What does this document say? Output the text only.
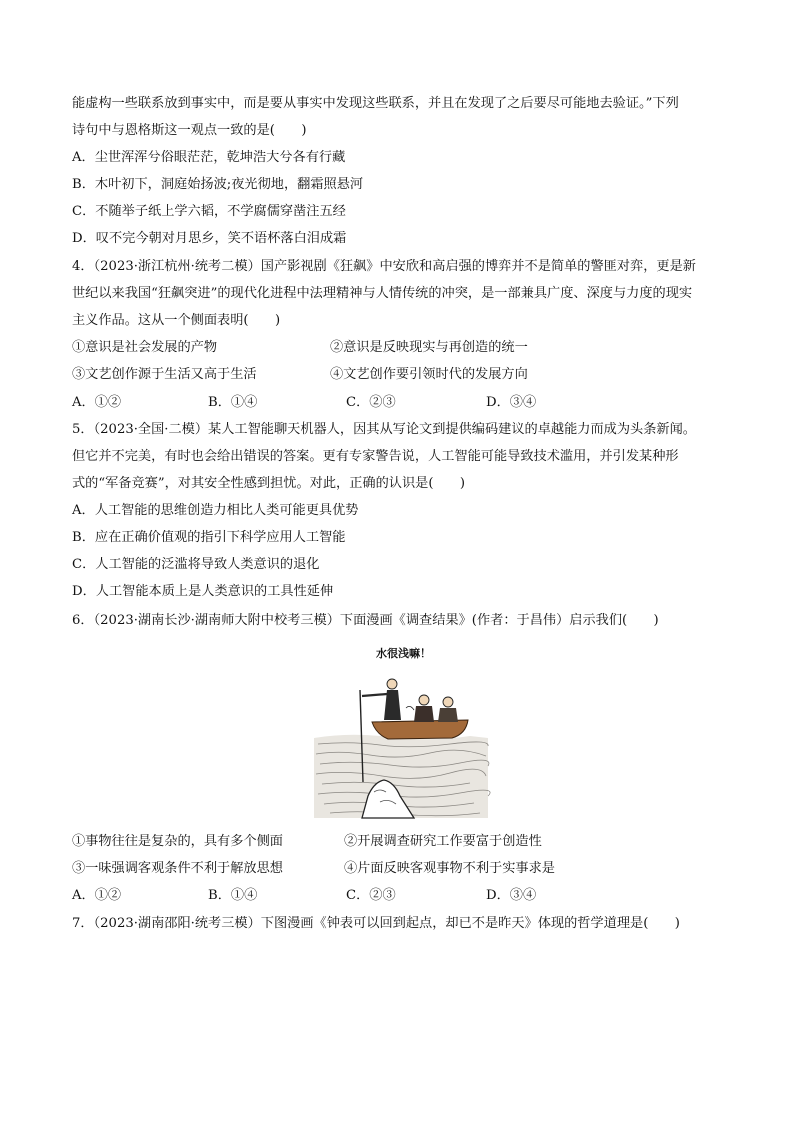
能虚构一些联系放到事实中，而是要从事实中发现这些联系，并且在发现了之后要尽可能地去验证。”下列
诗句中与恩格斯这一观点一致的是(　　)
A．尘世浑浑兮俗眼茫茫，乾坤浩大兮各有行藏
B．木叶初下，洞庭始扬波;夜光彻地，翻霜照悬河
C．不随举子纸上学六韬，不学腐儒穿凿注五经
D．叹不完今朝对月思乡，笑不语杯落白泪成霜
4．（2023·浙江杭州·统考二模）国产影视剧《狂飙》中安欣和高启强的博弈并不是简单的警匪对弈，更是新
世纪以来我国“狂飙突进”的现代化进程中法理精神与人情传统的冲突，是一部兼具广度、深度与力度的现实
主义作品。这从一个侧面表明(　　)
①意识是社会发展的产物	②意识是反映现实与再创造的统一
③文艺创作源于生活又高于生活	④文艺创作要引领时代的发展方向
A．①②	B．①④	C．②③	D．③④
5．（2023·全国·二模）某人工智能聊天机器人，因其从写论文到提供编码建议的卓越能力而成为头条新闻。
但它并不完美，有时也会给出错误的答案。更有专家警告说，人工智能可能导致技术滥用，并引发某种形
式的“军备竞赛”，对其安全性感到担忧。对此，正确的认识是(　　)
A．人工智能的思维创造力相比人类可能更具优势
B．应在正确价值观的指引下科学应用人工智能
C．人工智能的泛滥将导致人类意识的退化
D．人工智能本质上是人类意识的工具性延伸
6．（2023·湖南长沙·湖南师大附中校考三模）下面漫画《调查结果》(作者：于昌伟）启示我们(　　)
水很浅嘛！
①事物往往是复杂的，具有多个侧面	②开展调查研究工作要富于创造性
③一味强调客观条件不利于解放思想	④片面反映客观事物不利于实事求是
A．①②	B．①④	C．②③	D．③④
7．（2023·湖南邵阳·统考三模）下图漫画《钟表可以回到起点，却已不是昨天》体现的哲学道理是(　　)
